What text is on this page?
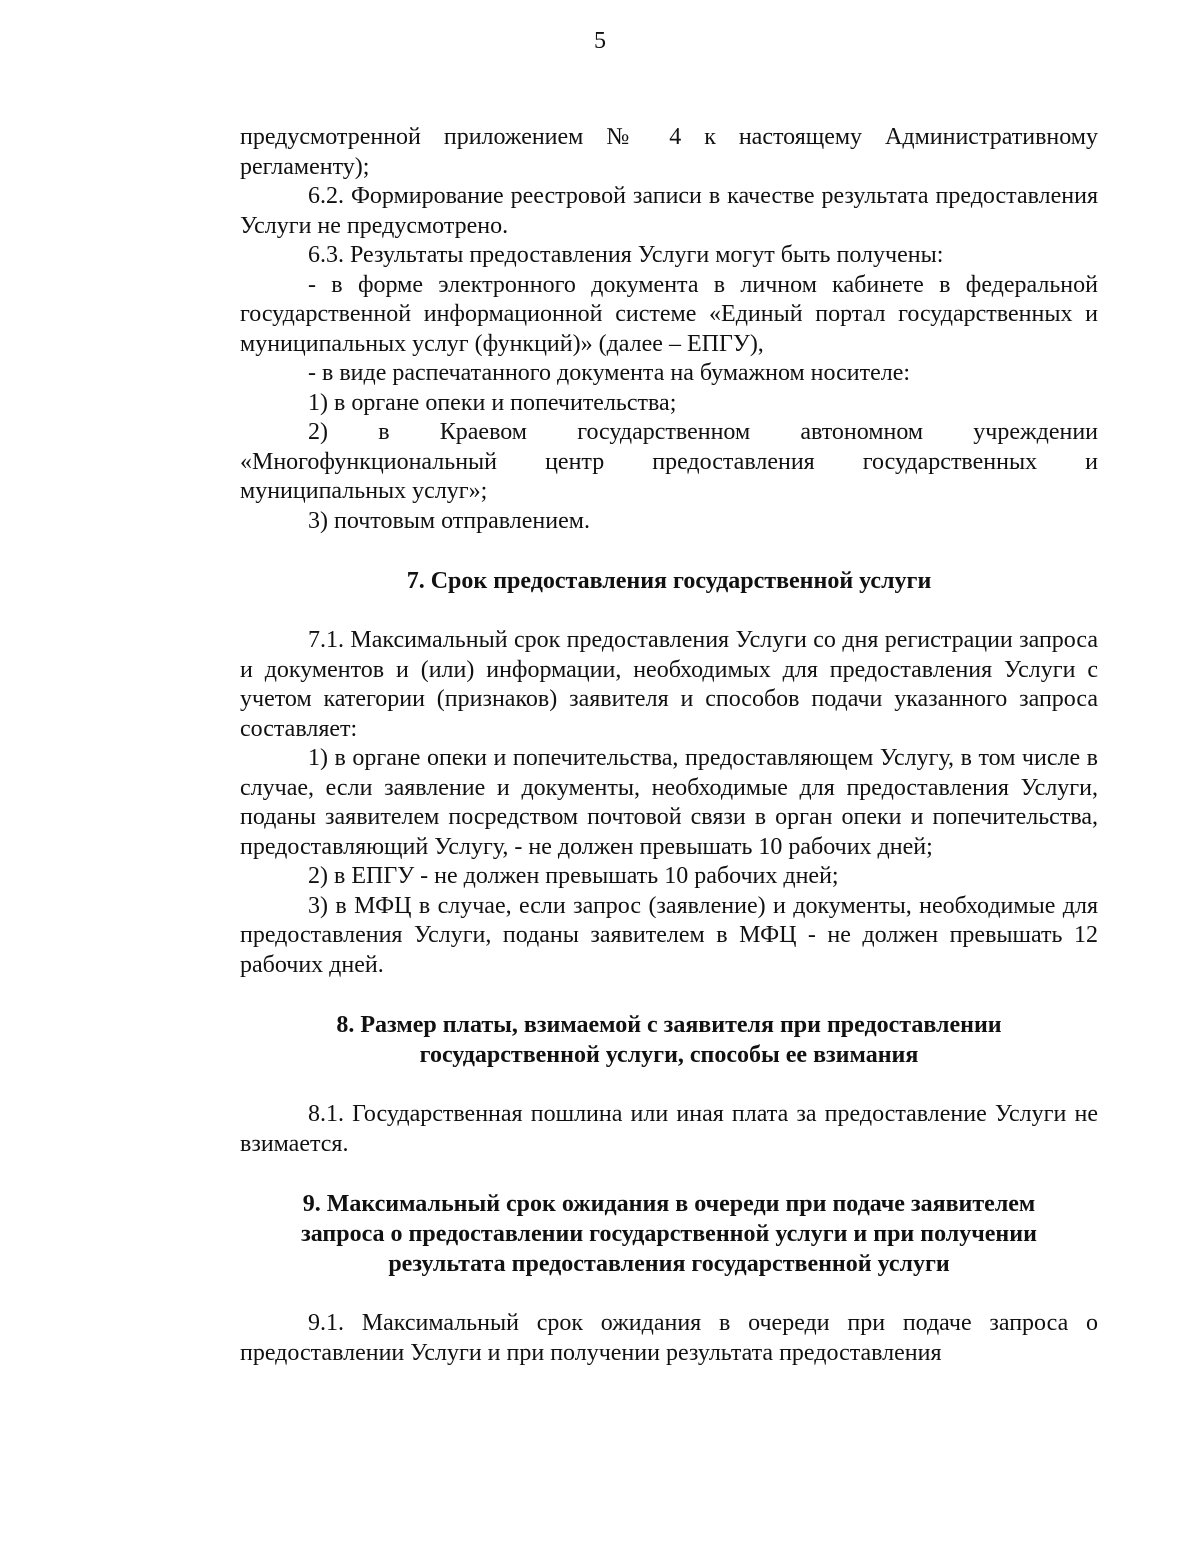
5

предусмотренной приложением № 4 к настоящему Административному регламенту);

6.2. Формирование реестровой записи в качестве результата предоставления Услуги не предусмотрено.

6.3. Результаты предоставления Услуги могут быть получены:

- в форме электронного документа в личном кабинете в федеральной государственной информационной системе «Единый портал государственных и муниципальных услуг (функций)» (далее – ЕПГУ),

- в виде распечатанного документа на бумажном носителе:

1) в органе опеки и попечительства;

2) в Краевом государственном автономном учреждении «Многофункциональный центр предоставления государственных и муниципальных услуг»;

3) почтовым отправлением.

7. Срок предоставления государственной услуги

7.1. Максимальный срок предоставления Услуги со дня регистрации запроса и документов и (или) информации, необходимых для предоставления Услуги с учетом категории (признаков) заявителя и способов подачи указанного запроса составляет:

1) в органе опеки и попечительства, предоставляющем Услугу, в том числе в случае, если заявление и документы, необходимые для предоставления Услуги, поданы заявителем посредством почтовой связи в орган опеки и попечительства, предоставляющий Услугу, - не должен превышать 10 рабочих дней;

2) в ЕПГУ - не должен превышать 10 рабочих дней;

3) в МФЦ в случае, если запрос (заявление) и документы, необходимые для предоставления Услуги, поданы заявителем в МФЦ - не должен превышать 12 рабочих дней.

8. Размер платы, взимаемой с заявителя при предоставлении

государственной услуги, способы ее взимания

8.1. Государственная пошлина или иная плата за предоставление Услуги не взимается.

9. Максимальный срок ожидания в очереди при подаче заявителем

запроса о предоставлении государственной услуги и при получении

результата предоставления государственной услуги

9.1. Максимальный срок ожидания в очереди при подаче запроса о предоставлении Услуги и при получении результата предоставления
